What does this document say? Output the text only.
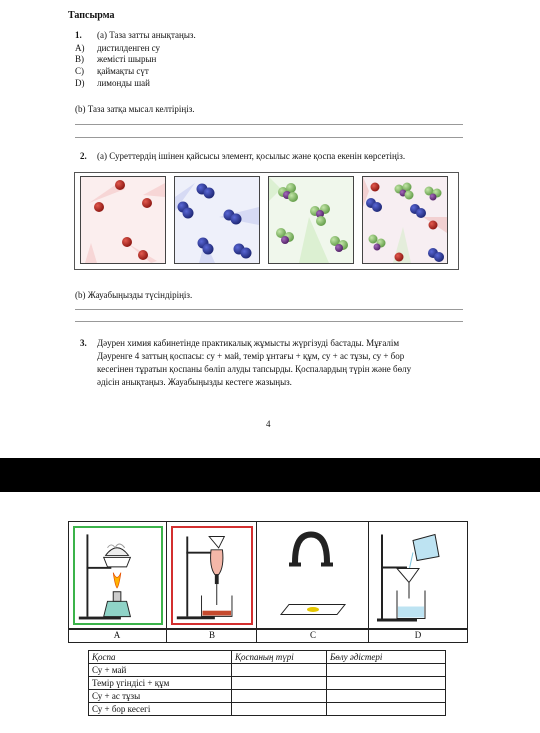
Тапсырма
1. (a) Таза затты анықтаңыз.
A) дистилденген су
B) жемісті шырын
C) қаймақты сүт
D) лимонды шай
(b) Таза затқа мысал келтіріңіз.
2. (a) Суреттердің ішінен қайсысы элемент, қосылыс және қоспа екенін көрсетіңіз.
(b) Жауабыңызды түсіндіріңіз.
3. Дәурен химия кабинетінде практикалық жұмысты жүргізуді бастады. Мұғалім
Дәуренге 4 заттың қоспасы: су + май, темір ұнтағы + құм, су + ас тұзы, су + бор
кесегінен тұратын қоспаны бөліп алуды тапсырды. Қоспалардың түрін және бөлу
әдісін анықтаңыз. Жауабыңызды кестеге жазыңыз.
4
A	B	C	D
Қоспа	Қоспаның түрі	Бөлу әдістері
Су + май		
Темір үгіндісі + құм		
Су + ас тұзы		
Су + бор кесегі		
